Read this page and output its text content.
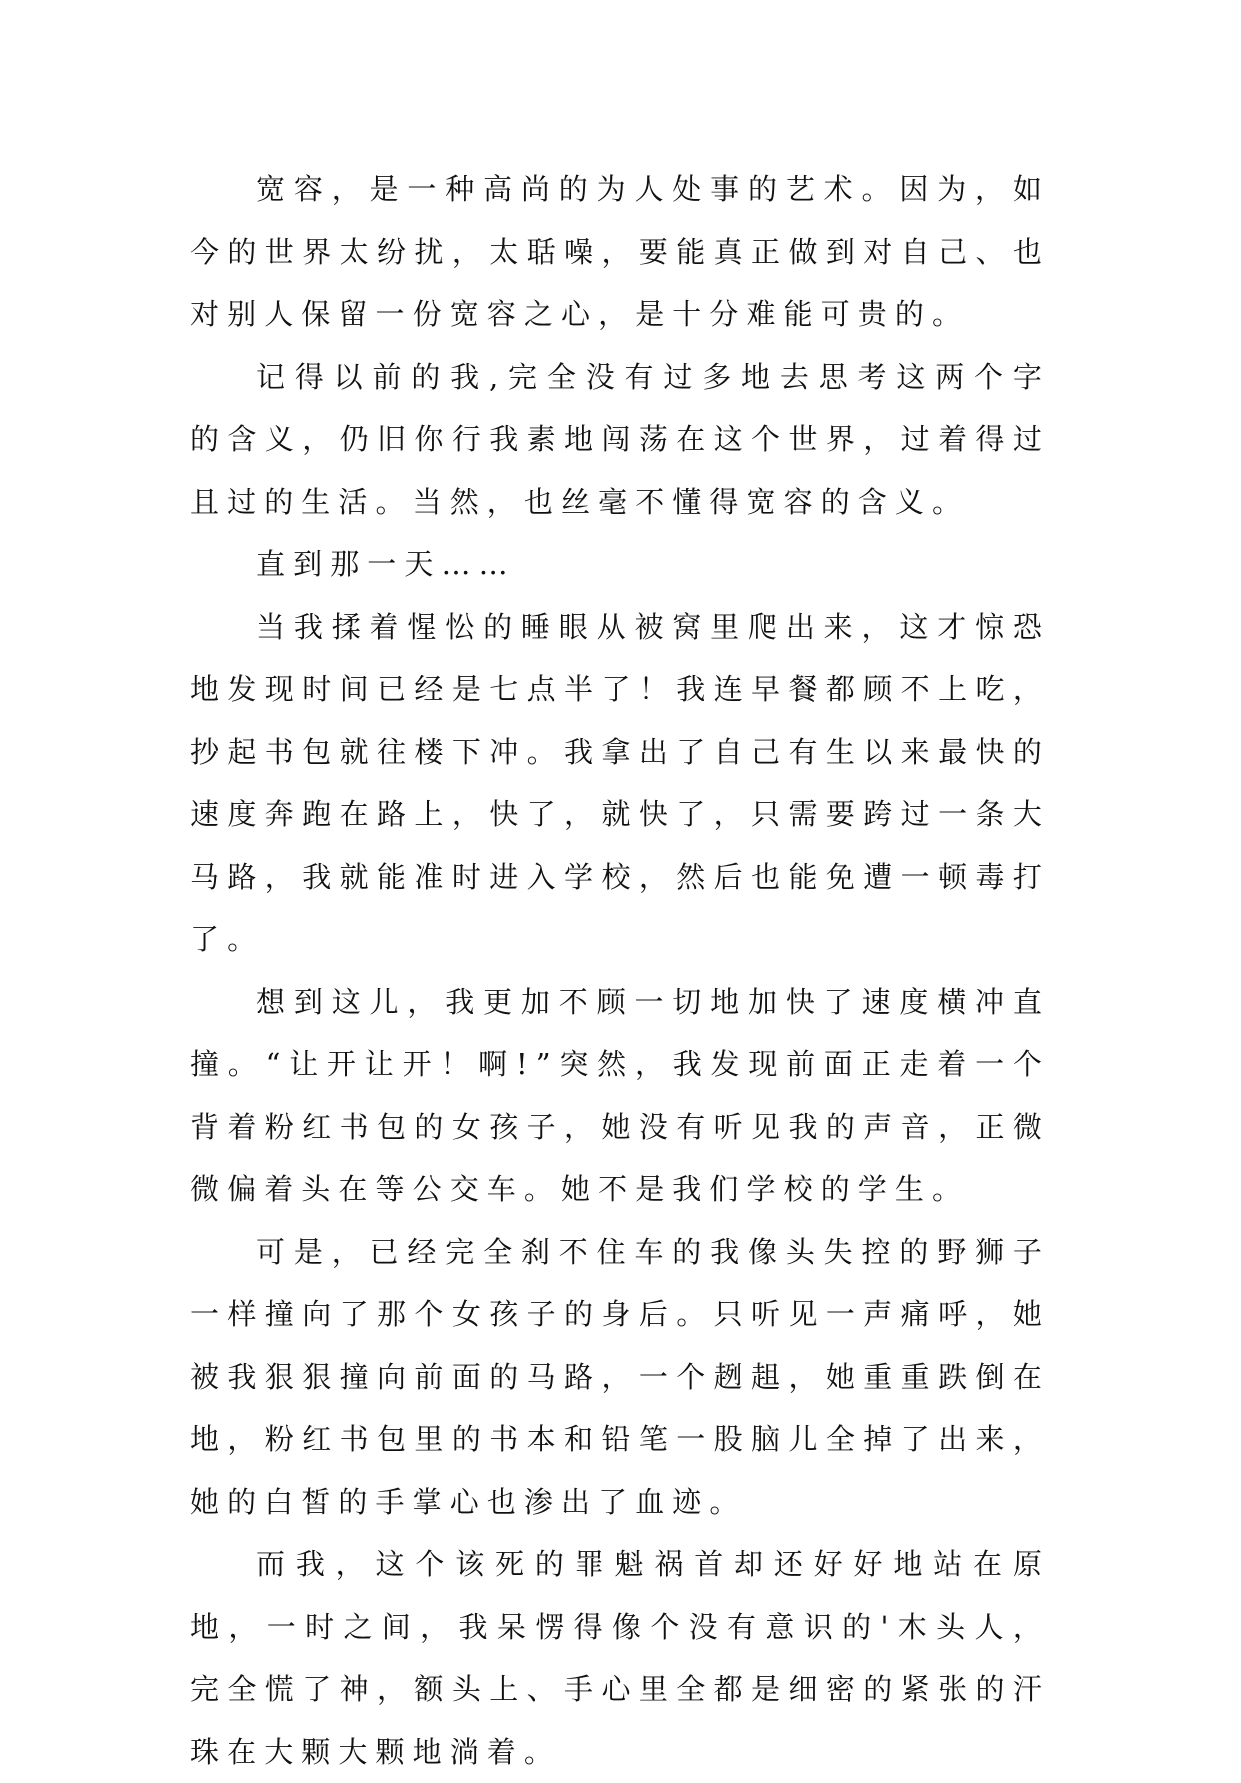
宽容，是一种高尚的为人处事的艺术。因为，如今的世界太纷扰，太聒噪，要能真正做到对自己、也对别人保留一份宽容之心，是十分难能可贵的。

记得以前的我,完全没有过多地去思考这两个字的含义，仍旧你行我素地闯荡在这个世界，过着得过且过的生活。当然，也丝毫不懂得宽容的含义。

直到那一天……

当我揉着惺忪的睡眼从被窝里爬出来，这才惊恐地发现时间已经是七点半了！我连早餐都顾不上吃，抄起书包就往楼下冲。我拿出了自己有生以来最快的速度奔跑在路上，快了，就快了，只需要跨过一条大马路，我就能准时进入学校，然后也能免遭一顿毒打了。

想到这儿，我更加不顾一切地加快了速度横冲直撞。“让开让开！啊!”突然，我发现前面正走着一个背着粉红书包的女孩子，她没有听见我的声音，正微微偏着头在等公交车。她不是我们学校的学生。

可是，已经完全刹不住车的我像头失控的野狮子一样撞向了那个女孩子的身后。只听见一声痛呼，她被我狠狠撞向前面的马路，一个趔趄，她重重跌倒在地，粉红书包里的书本和铅笔一股脑儿全掉了出来，她的白皙的手掌心也渗出了血迹。

而我，这个该死的罪魁祸首却还好好地站在原地，一时之间，我呆愣得像个没有意识的'木头人，完全慌了神，额头上、手心里全都是细密的紧张的汗珠在大颗大颗地淌着。
